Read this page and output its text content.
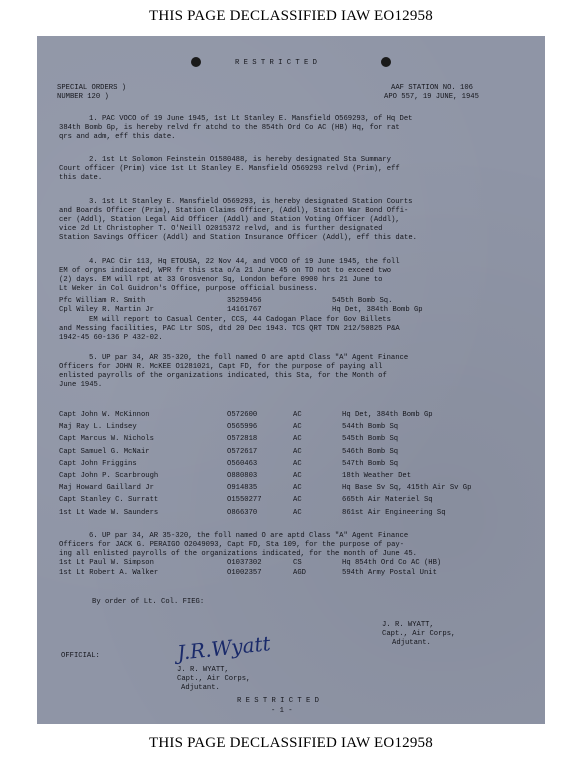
THIS PAGE DECLASSIFIED IAW EO12958
R E S T R I C T E D
SPECIAL ORDERS )
NUMBER 120 )
AAF STATION NO. 106
APO 557, 19 JUNE, 1945
1. PAC VOCO of 19 June 1945, 1st Lt Stanley E. Mansfield O569293, of Hq Det
384th Bomb Gp, is hereby relvd fr atchd to the 854th Ord Co AC (HB) Hq, for rat
qrs and adm, eff this date.
2. 1st Lt Solomon Feinstein O1580488, is hereby designated Sta Summary
Court officer (Prim) vice 1st Lt Stanley E. Mansfield O569293 relvd (Prim), eff
this date.
3. 1st Lt Stanley E. Mansfield O569293, is hereby designated Station Courts
and Boards Officer (Prim), Station Claims Officer, (Addl), Station War Bond Offi-
cer (Addl), Station Legal Aid Officer (Addl) and Station Voting Officer (Addl),
vice 2d Lt Christopher T. O'Neill O2015372 relvd, and is further designated
Station Savings Officer (Addl) and Station Insurance Officer (Addl), eff this date.
4. PAC Cir 113, Hq ETOUSA, 22 Nov 44, and VOCO of 19 June 1945, the foll
EM of orgns indicated, WPR fr this sta o/a 21 June 45 on TD not to exceed two
(2) days. EM will rpt at 33 Grosvenor Sq, London before 0900 hrs 21 June to
Lt Weker in Col Guidron's Office, purpose official business.
Pfc William R. Smith	35259456	545th Bomb Sq.
Cpl Wiley R. Martin Jr	14161767	Hq Det, 384th Bomb Gp
EM will report to Casual Center, CCS, 44 Cadogan Place for Gov Billets
and Messing facilities, PAC Ltr SOS, dtd 20 Dec 1943. TCS QRT TDN 212/50825 P&A
1942-45 60-136 P 432-02.
5. UP par 34, AR 35-320, the foll named O are aptd Class "A" Agent Finance
Officers for JOHN R. McKEE O1281021, Capt FD, for the purpose of paying all
enlisted payrolls of the organizations indicated, this Sta, for the Month of
June 1945.
Capt John W. McKinnon	O572600	AC	Hq Det, 384th Bomb Gp
Maj Ray L. Lindsey	O565996	AC	544th Bomb Sq
Capt Marcus W. Nichols	O572818	AC	545th Bomb Sq
Capt Samuel G. McNair	O572617	AC	546th Bomb Sq
Capt John Friggins	O560463	AC	547th Bomb Sq
Capt John P. Scarbrough	O880803	AC	18th Weather Det
Maj Howard Gaillard Jr	O914835	AC	Hq Base Sv Sq, 415th Air Sv Gp
Capt Stanley C. Surratt	O1550277	AC	665th Air Materiel Sq
1st Lt Wade W. Saunders	O866370	AC	861st Air Engineering Sq
6. UP par 34, AR 35-320, the foll named O are aptd Class "A" Agent Finance
Officers for JACK G. PERAIGO O2049093, Capt FD, Sta 109, for the purpose of pay-
ing all enlisted payrolls of the organizations indicated, for the month of June 45.
1st Lt Paul W. Simpson	O1037302	CS	Hq 854th Ord Co AC (HB)
1st Lt Robert A. Walker	O1002357	AGD	594th Army Postal Unit
By order of Lt. Col. FIEG:
J. R. WYATT,
Capt., Air Corps,
Adjutant.
OFFICIAL:	J.R.Wyatt
J. R. WYATT,
Capt., Air Corps,
Adjutant.
R E S T R I C T E D
- 1 -
THIS PAGE DECLASSIFIED IAW EO12958
